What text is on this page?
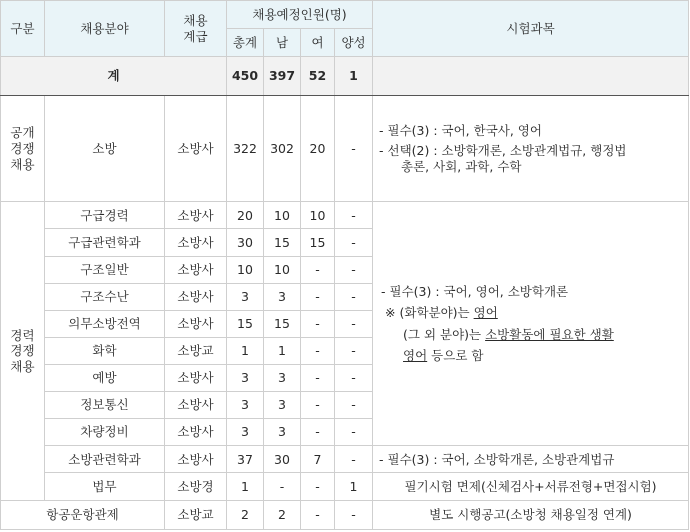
구분	채용분야	채용
계급	채용예정인원(명)				시험과목
			총계	남	여	양성	
계			450	397	52	1	

공개
경쟁
채용	소방	소방사	322	302	20	-	- 필수(3) : 국어, 한국사, 영어
- 선택(2) : 소방학개론, 소방관계법규, 행정법
총론, 사회, 과학, 수학

경력
경쟁
채용	구급경력	소방사	20	10	10	-	- 필수(3) : 국어, 영어, 소방학개론
※ (화학분야)는 영어
(그 외 분야)는 소방활동에 필요한 생활
영어 등으로 함

	구급관련학과	소방사	30	15	15	-	
	구조일반	소방사	10	10	-	-	
	구조수난	소방사	3	3	-	-	
	의무소방전역	소방사	15	15	-	-	
	화학	소방교	1	1	-	-	
	예방	소방사	3	3	-	-	
	정보통신	소방사	3	3	-	-	
	차량정비	소방사	3	3	-	-	
	소방관련학과	소방사	37	30	7	-	- 필수(3) : 국어, 소방학개론, 소방관계법규
	법무	소방경	1	-	-	1	필기시험 면제(신체검사+서류전형+면접시험)
항공운항관제		소방교	2	2	-	-	별도 시행공고(소방청 채용일정 연계)
